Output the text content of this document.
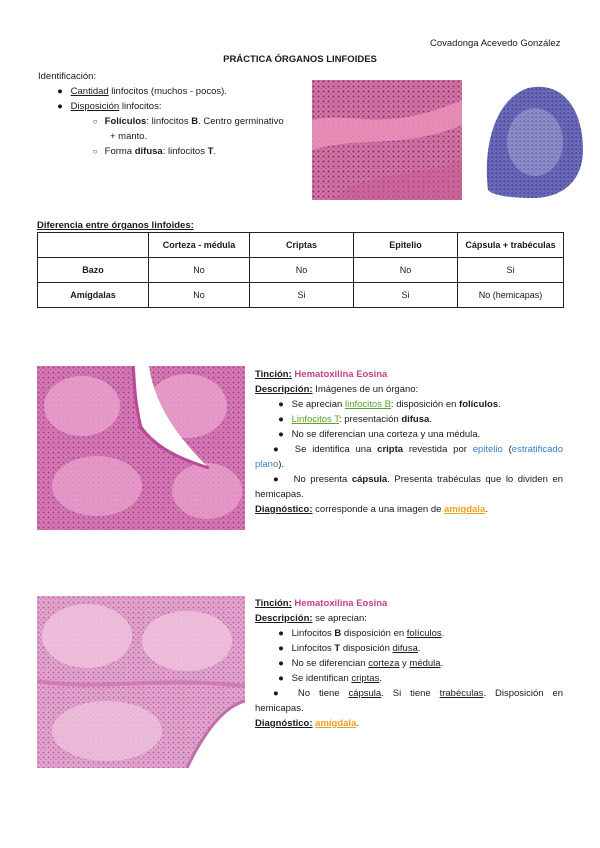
Covadonga Acevedo González
PRÁCTICA ÓRGANOS LINFOIDES
Identificación:
● Cantidad linfocitos (muchos - pocos).
● Disposición linfocitos:
○ Folículos: linfocitos B. Centro germinativo
+ manto.
○ Forma difusa: linfocitos T.
Diferencia entre órganos linfoides:
	Corteza - médula	Criptas	Epitelio	Cápsula + trabéculas
Bazo	No	No	No	Si
Amígdalas	No	Si	Si	No (hemicapas)
Tinción: Hematoxilina Eosina
Descripción: Imágenes de un órgano:
● Se aprecian linfocitos B: disposición en folículos.
● Linfocitos T: presentación difusa.
● No se diferencian una corteza y una médula.
● Se identifica una cripta revestida por epitelio (estratificado
plano).
● No presenta cápsula. Presenta trabéculas que lo dividen en
hemicapas.
Diagnóstico: corresponde a una imagen de amígdala.
Tinción: Hematoxilina Eosina
Descripción: se aprecian:
● Linfocitos B disposición en folículos.
● Linfocitos T disposición difusa.
● No se diferencian corteza y médula.
● Se identifican criptas.
● No tiene cápsula. Si tiene trabéculas. Disposición en
hemicapas.
Diagnóstico: amígdala.
